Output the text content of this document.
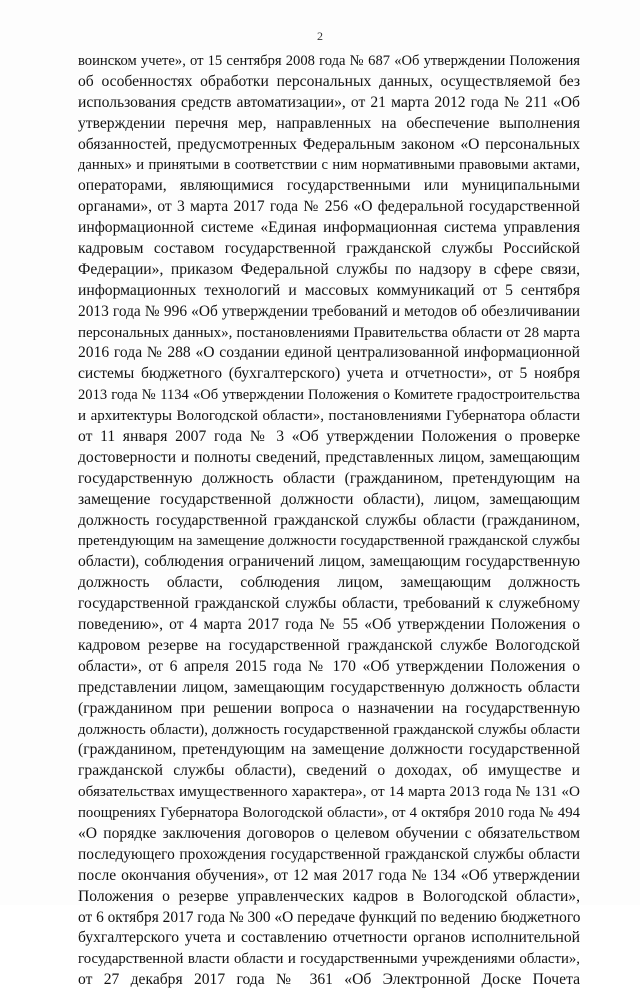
2
воинском учете», от 15 сентября 2008 года № 687 «Об утверждении Положения
об особенностях обработки персональных данных, осуществляемой без
использования средств автоматизации», от 21 марта 2012 года № 211 «Об
утверждении перечня мер, направленных на обеспечение выполнения
обязанностей, предусмотренных Федеральным законом «О персональных
данных» и принятыми в соответствии с ним нормативными правовыми актами,
операторами, являющимися государственными или муниципальными
органами», от 3 марта 2017 года № 256 «О федеральной государственной
информационной системе «Единая информационная система управления
кадровым составом государственной гражданской службы Российской
Федерации», приказом Федеральной службы по надзору в сфере связи,
информационных технологий и массовых коммуникаций от 5 сентября
2013 года № 996 «Об утверждении требований и методов об обезличивании
персональных данных», постановлениями Правительства области от 28 марта
2016 года № 288 «О создании единой централизованной информационной
системы бюджетного (бухгалтерского) учета и отчетности», от 5 ноября
2013 года № 1134 «Об утверждении Положения о Комитете градостроительства
и архитектуры Вологодской области», постановлениями Губернатора области
от 11 января 2007 года № 3 «Об утверждении Положения о проверке
достоверности и полноты сведений, представленных лицом, замещающим
государственную должность области (гражданином, претендующим на
замещение государственной должности области), лицом, замещающим
должность государственной гражданской службы области (гражданином,
претендующим на замещение должности государственной гражданской службы
области), соблюдения ограничений лицом, замещающим государственную
должность области, соблюдения лицом, замещающим должность
государственной гражданской службы области, требований к служебному
поведению», от 4 марта 2017 года № 55 «Об утверждении Положения о
кадровом резерве на государственной гражданской службе Вологодской
области», от 6 апреля 2015 года № 170 «Об утверждении Положения о
представлении лицом, замещающим государственную должность области
(гражданином при решении вопроса о назначении на государственную
должность области), должность государственной гражданской службы области
(гражданином, претендующим на замещение должности государственной
гражданской службы области), сведений о доходах, об имуществе и
обязательствах имущественного характера», от 14 марта 2013 года № 131 «О
поощрениях Губернатора Вологодской области», от 4 октября 2010 года № 494
«О порядке заключения договоров о целевом обучении с обязательством
последующего прохождения государственной гражданской службы области
после окончания обучения», от 12 мая 2017 года № 134 «Об утверждении
Положения о резерве управленческих кадров в Вологодской области»,
от 6 октября 2017 года № 300 «О передаче функций по ведению бюджетного
бухгалтерского учета и составлению отчетности органов исполнительной
государственной власти области и государственными учреждениями области»,
от 27 декабря 2017 года № 361 «Об Электронной Доске Почета
